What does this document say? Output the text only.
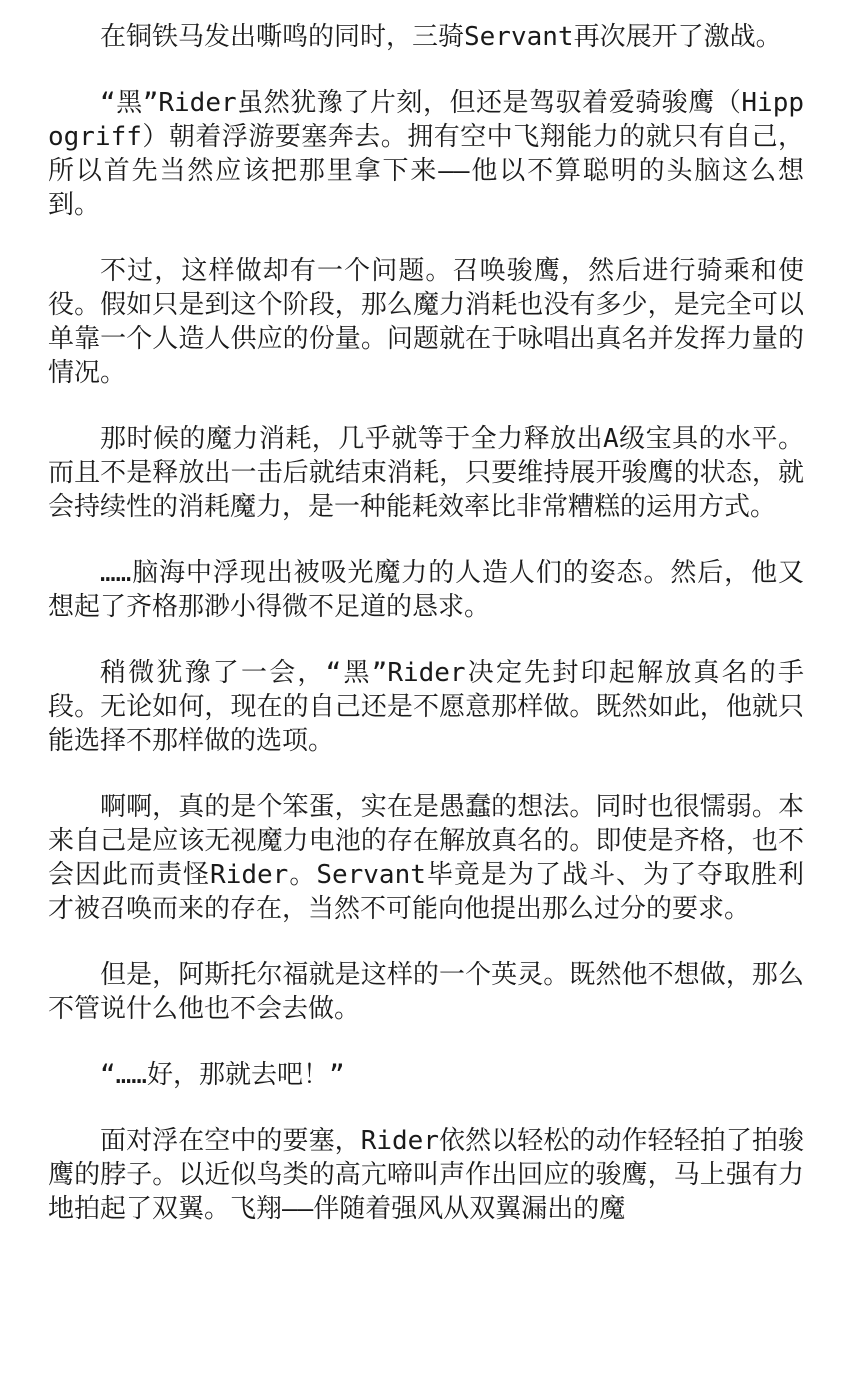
在铜铁马发出嘶鸣的同时，三骑Servant再次展开了激战。

“黑”Rider虽然犹豫了片刻，但还是驾驭着爱骑骏鹰（Hippogriff）朝着浮游要塞奔去。拥有空中飞翔能力的就只有自己，所以首先当然应该把那里拿下来——他以不算聪明的头脑这么想到。

不过，这样做却有一个问题。召唤骏鹰，然后进行骑乘和使役。假如只是到这个阶段，那么魔力消耗也没有多少，是完全可以单靠一个人造人供应的份量。问题就在于咏唱出真名并发挥力量的情况。

那时候的魔力消耗，几乎就等于全力释放出A级宝具的水平。而且不是释放出一击后就结束消耗，只要维持展开骏鹰的状态，就会持续性的消耗魔力，是一种能耗效率比非常糟糕的运用方式。

……脑海中浮现出被吸光魔力的人造人们的姿态。然后，他又想起了齐格那渺小得微不足道的恳求。

稍微犹豫了一会，“黑”Rider决定先封印起解放真名的手段。无论如何，现在的自己还是不愿意那样做。既然如此，他就只能选择不那样做的选项。

啊啊，真的是个笨蛋，实在是愚蠢的想法。同时也很懦弱。本来自己是应该无视魔力电池的存在解放真名的。即使是齐格，也不会因此而责怪Rider。Servant毕竟是为了战斗、为了夺取胜利才被召唤而来的存在，当然不可能向他提出那么过分的要求。

但是，阿斯托尔福就是这样的一个英灵。既然他不想做，那么不管说什么他也不会去做。

“……好，那就去吧！”

面对浮在空中的要塞，Rider依然以轻松的动作轻轻拍了拍骏鹰的脖子。以近似鸟类的高亢啼叫声作出回应的骏鹰，马上强有力地拍起了双翼。飞翔——伴随着强风从双翼漏出的魔
